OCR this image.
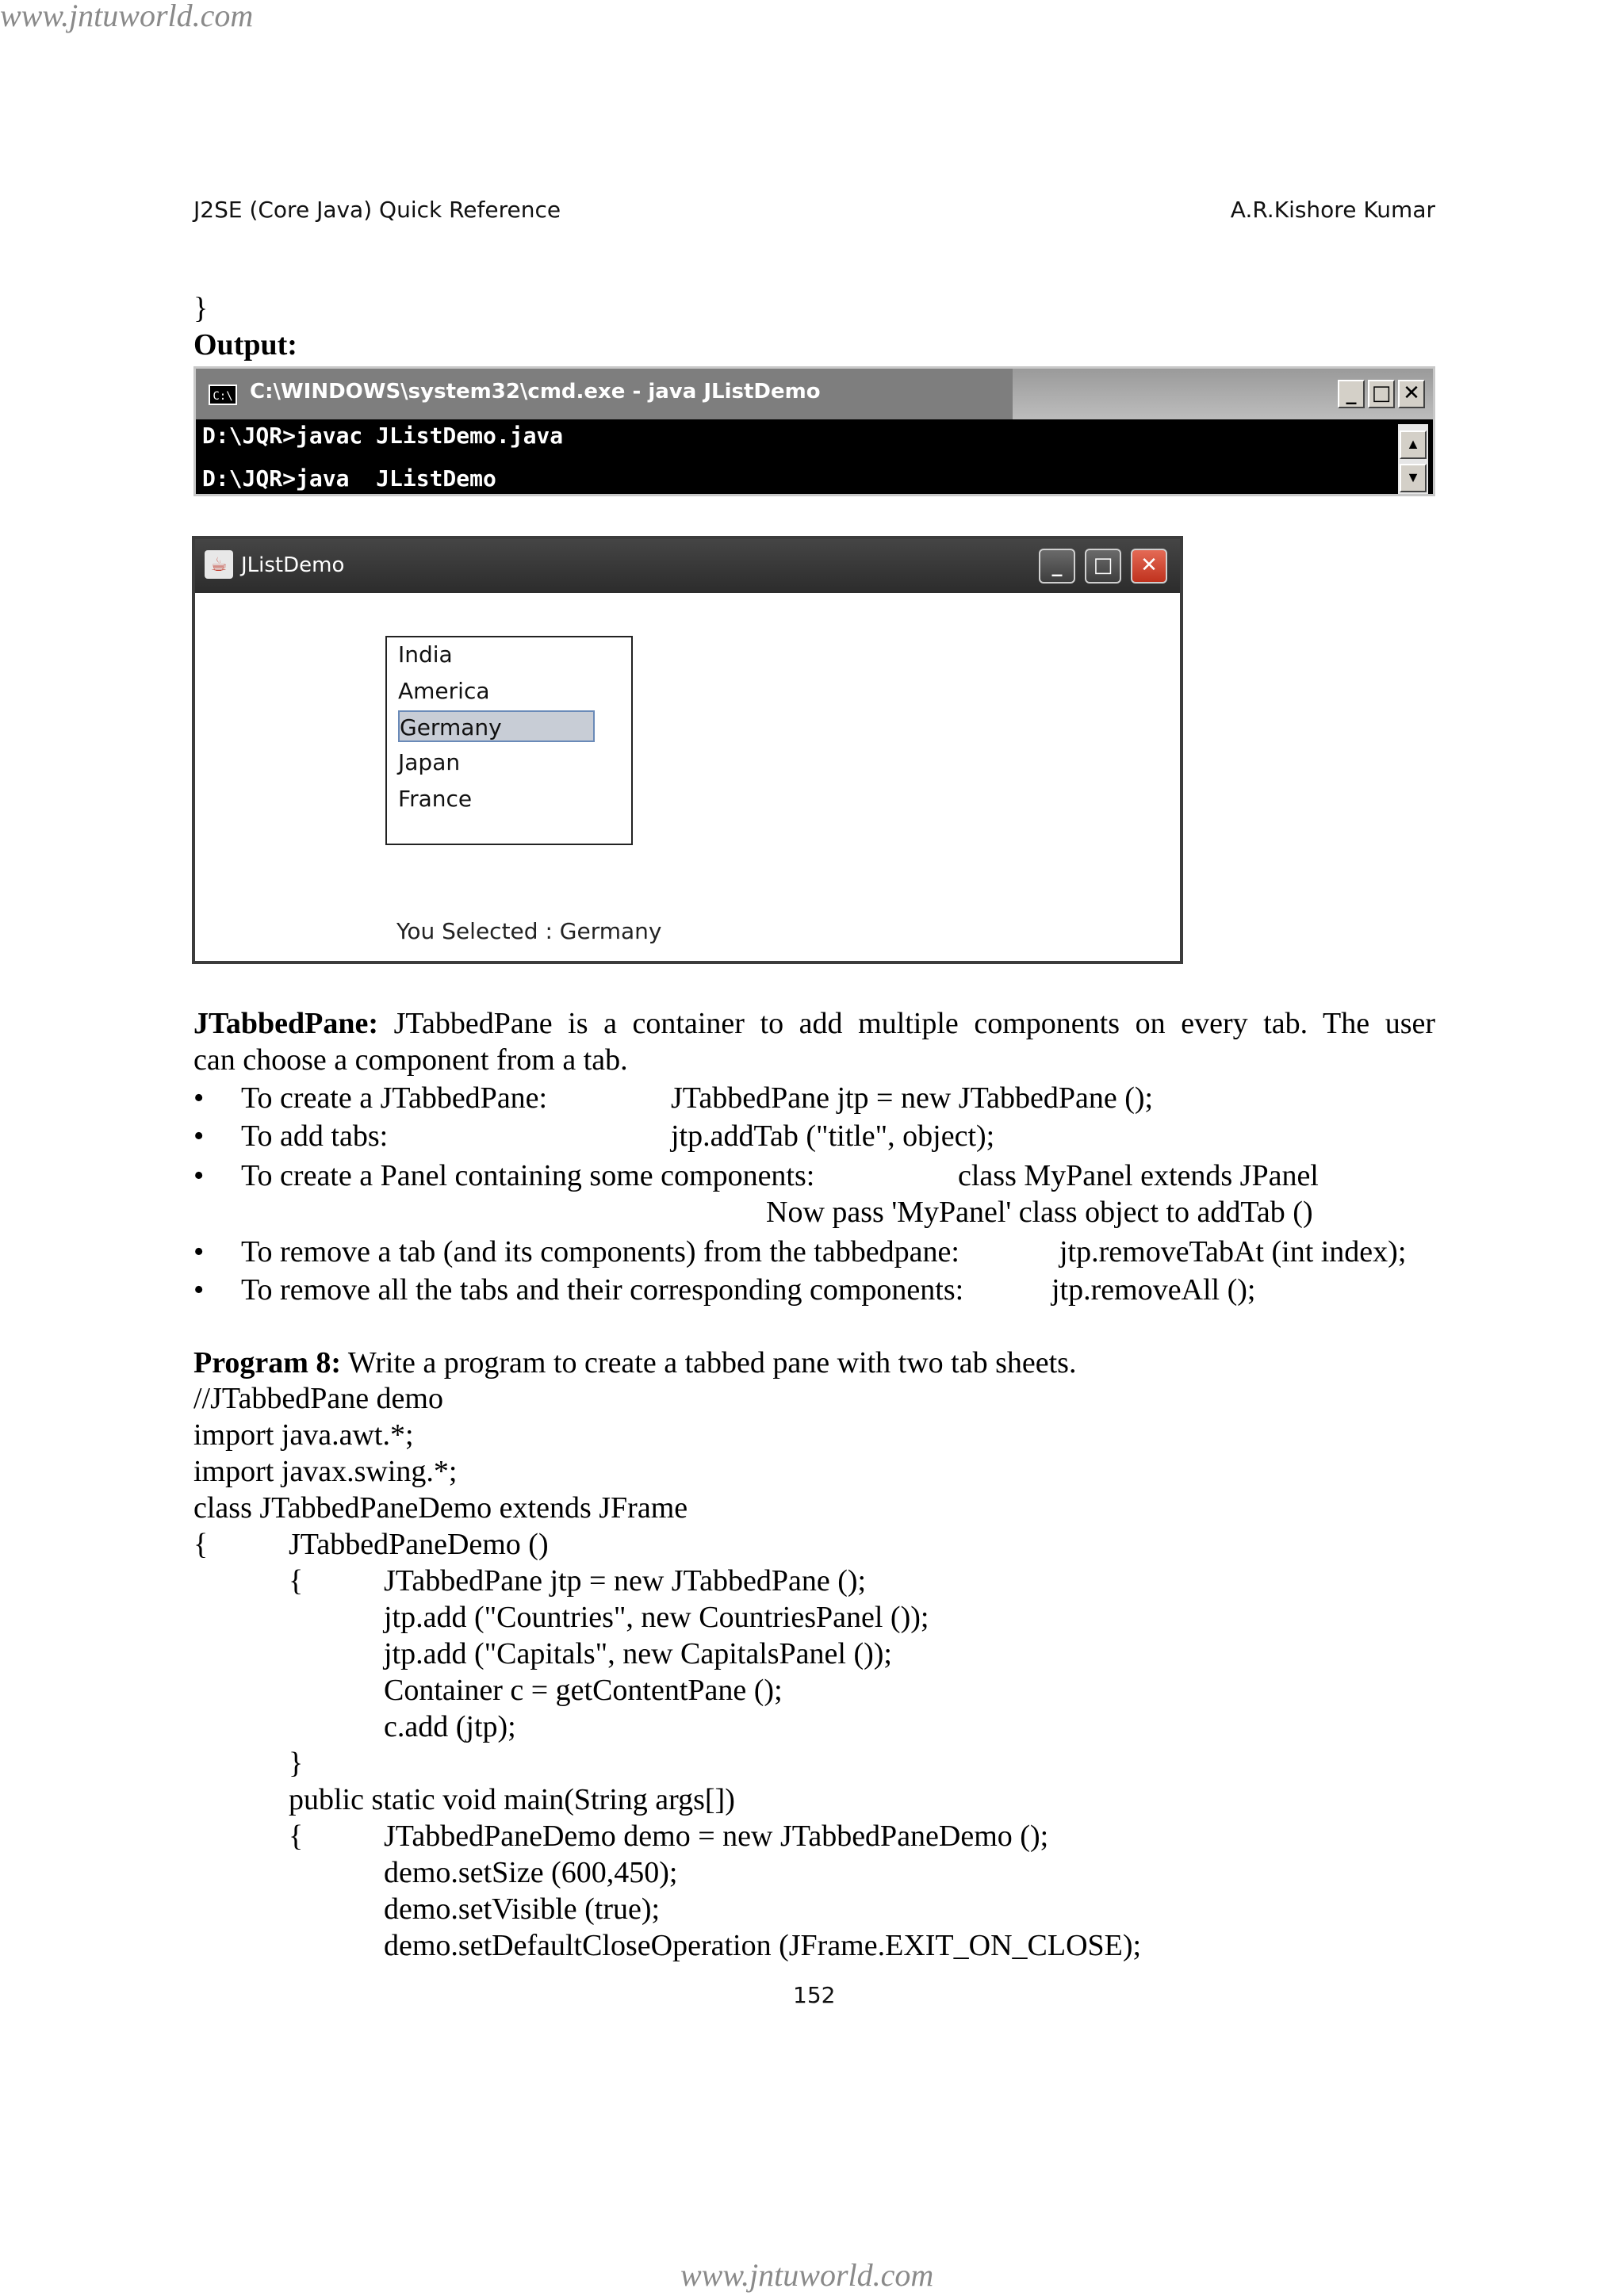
www.jntuworld.com
www.jntuworld.com
J2SE (Core Java) Quick Reference	A.R.Kishore Kumar
}
Output:
C:\ C:\WINDOWS\system32\cmd.exe - java JListDemo	_ □ ✕
D:\JQR>javac JListDemo.java
D:\JQR>java  JListDemo
▲
▼
☕ JListDemo	_	□	✕
India
America
Germany
Japan
France
You Selected : Germany
JTabbedPane: JTabbedPane is a container to add multiple components on every tab. The user
can choose a component from a tab.
• To create a JTabbedPane:	JTabbedPane jtp = new JTabbedPane ();
• To add tabs:	jtp.addTab ("title", object);
• To create a Panel containing some components:	class MyPanel extends JPanel
Now pass 'MyPanel' class object to addTab ()
• To remove a tab (and its components) from the tabbedpane:	jtp.removeTabAt (int index);
• To remove all the tabs and their corresponding components:	jtp.removeAll ();
Program 8: Write a program to create a tabbed pane with two tab sheets.
//JTabbedPane demo
import java.awt.*;
import javax.swing.*;
class JTabbedPaneDemo extends JFrame
{	JTabbedPaneDemo ()
{	JTabbedPane jtp = new JTabbedPane ();
jtp.add ("Countries", new CountriesPanel ());
jtp.add ("Capitals", new CapitalsPanel ());
Container c = getContentPane ();
c.add (jtp);
}
public static void main(String args[])
{	JTabbedPaneDemo demo = new JTabbedPaneDemo ();
demo.setSize (600,450);
demo.setVisible (true);
demo.setDefaultCloseOperation (JFrame.EXIT_ON_CLOSE);
152
